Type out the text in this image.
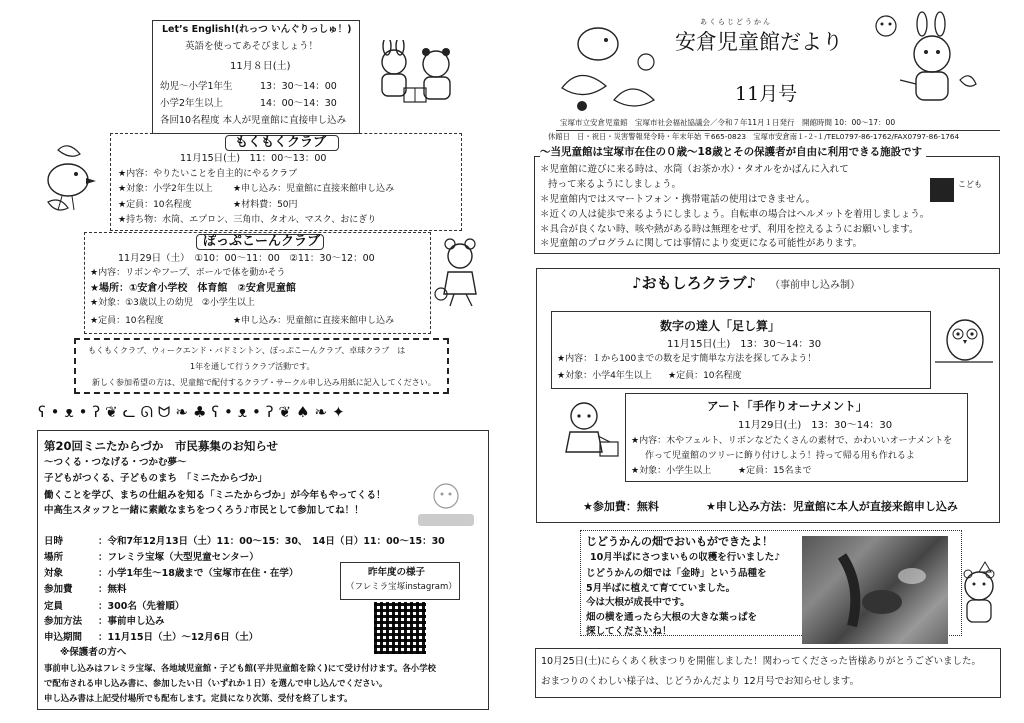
Let’s English!(れっつ いんぐりっしゅ！)
英語を使ってあそびましょう！
11月８日(土)
幼児～小学1年生	13：30～14：00
小学2年生以上	14：00～14：30
各回10名程度 本人が児童館に直接申し込み
もくもくクラブ
11月15日(土)　11：00～13：00
★内容：やりたいことを自主的にやるクラブ
★対象：小学2年生以上 ★申し込み：児童館に直接来館申し込み
★定員：10名程度	★材料費：50円
★持ち物：水筒、エプロン、三角巾、タオル、マスク、おにぎり
ぽっぷこーんクラブ
11月29日（土）　①10：00～11：00　②11：30～12：00
★内容：リボンやフープ、ボールで体を動かそう
★場所：①安倉小学校　体育館　②安倉児童館
★対象：①3歳以上の幼児　②小学生以上
★定員：10名程度	★申し込み：児童館に直接来館申し込み
もくもくクラブ、ウィークエンド・バドミントン、ぽっぷこーんクラブ、卓球クラブ　は
1年を通して行うクラブ活動です。
新しく参加希望の方は、児童館で配付するクラブ・サークル申し込み用紙に記入してください。
ʕ•ᴥ•ʔ❦ᓚᘏᗢ❧♣ʕ•ᴥ•ʔ❦♠❧✦
第20回ミニたからづか　市民募集のお知らせ
～つくる・つなげる・つかむ夢～
子どもがつくる、子どものまち　「ミニたからづか」
働くことを学び、まちの仕組みを知る「ミニたからづか」が今年もやってくる！
中高生スタッフと一緒に素敵なまちをつくろう♪市民として参加してね！！
日時	：令和7年12月13日（土）11：00～15：30、　14日（日）11：00～15：30
場所	：フレミラ宝塚（大型児童センター）
対象	：小学1年生～18歳まで（宝塚市在住・在学）
参加費	：無料
定員	：300名（先着順）
参加方法 ：事前申し込み
申込期間 ：11月15日（土）～12月6日（土）
※保護者の方へ
事前申し込みはフレミラ宝塚、各地域児童館・子ども館(平井児童館を除く)にて受け付けます。各小学校
で配布される申し込み書に、参加したい日（いずれか１日）を選んで申し込んでください。
申し込み書は上記受付場所でも配布します。定員になり次第、受付を終了します。
昨年度の様子
（フレミラ宝塚instagram）
あくらじどうかん
安倉児童館だより
11月号
宝塚市立安倉児童館　宝塚市社会福祉協議会／令和７年11月１日発行　開館時間 10：00～17：00
休館日　日・祝日・災害警報発令時・年末年始 〒665-0823　宝塚市安倉南１-２-１/TEL0797-86-1762/FAX0797-86-1764
～当児童館は宝塚市在住の０歳～18歳とその保護者が自由に利用できる施設です
＊児童館に遊びに来る時は、水筒（お茶か水）・タオルをかばんに入れて
持って来るようにしましょう。
＊児童館内ではスマートフォン・携帯電話の使用はできません。
＊近くの人は徒歩で来るようにしましょう。自転車の場合はヘルメットを着用しましょう。
＊具合が良くない時、咳や熱がある時は無理をせず、利用を控えるようにお願いします。
＊児童館のプログラムに関しては事情により変更になる可能性があります。
こども
♪おもしろクラブ♪ （事前申し込み制）
数字の達人「足し算」
11月15日(土)　13：30～14：30
★内容：１から100までの数を足す簡単な方法を探してみよう！
★対象：小学4年生以上 ★定員：10名程度
アート「手作りオーナメント」
11月29日(土)　13：30～14：30
★内容：木やフェルト、リボンなどたくさんの素材で、かわいいオーナメントを
作って児童館のツリーに飾り付けしよう！持って帰る用も作れるよ
★対象：小学生以上	★定員：15名まで
★参加費：無料	★申し込み方法：児童館に本人が直接来館申し込み
じどうかんの畑でおいもができたよ！
10月半ばにさつまいもの収穫を行いました♪
じどうかんの畑では「金時」という品種を
5月半ばに植えて育てていました。
今は大根が成長中です。
畑の横を通ったら大根の大きな葉っぱを
探してくださいね！
10月25日(土)にらくあく秋まつりを開催しました！関わってくださった皆様ありがとうございました。
おまつりのくわしい様子は、じどうかんだより 12月号でお知らせします。
